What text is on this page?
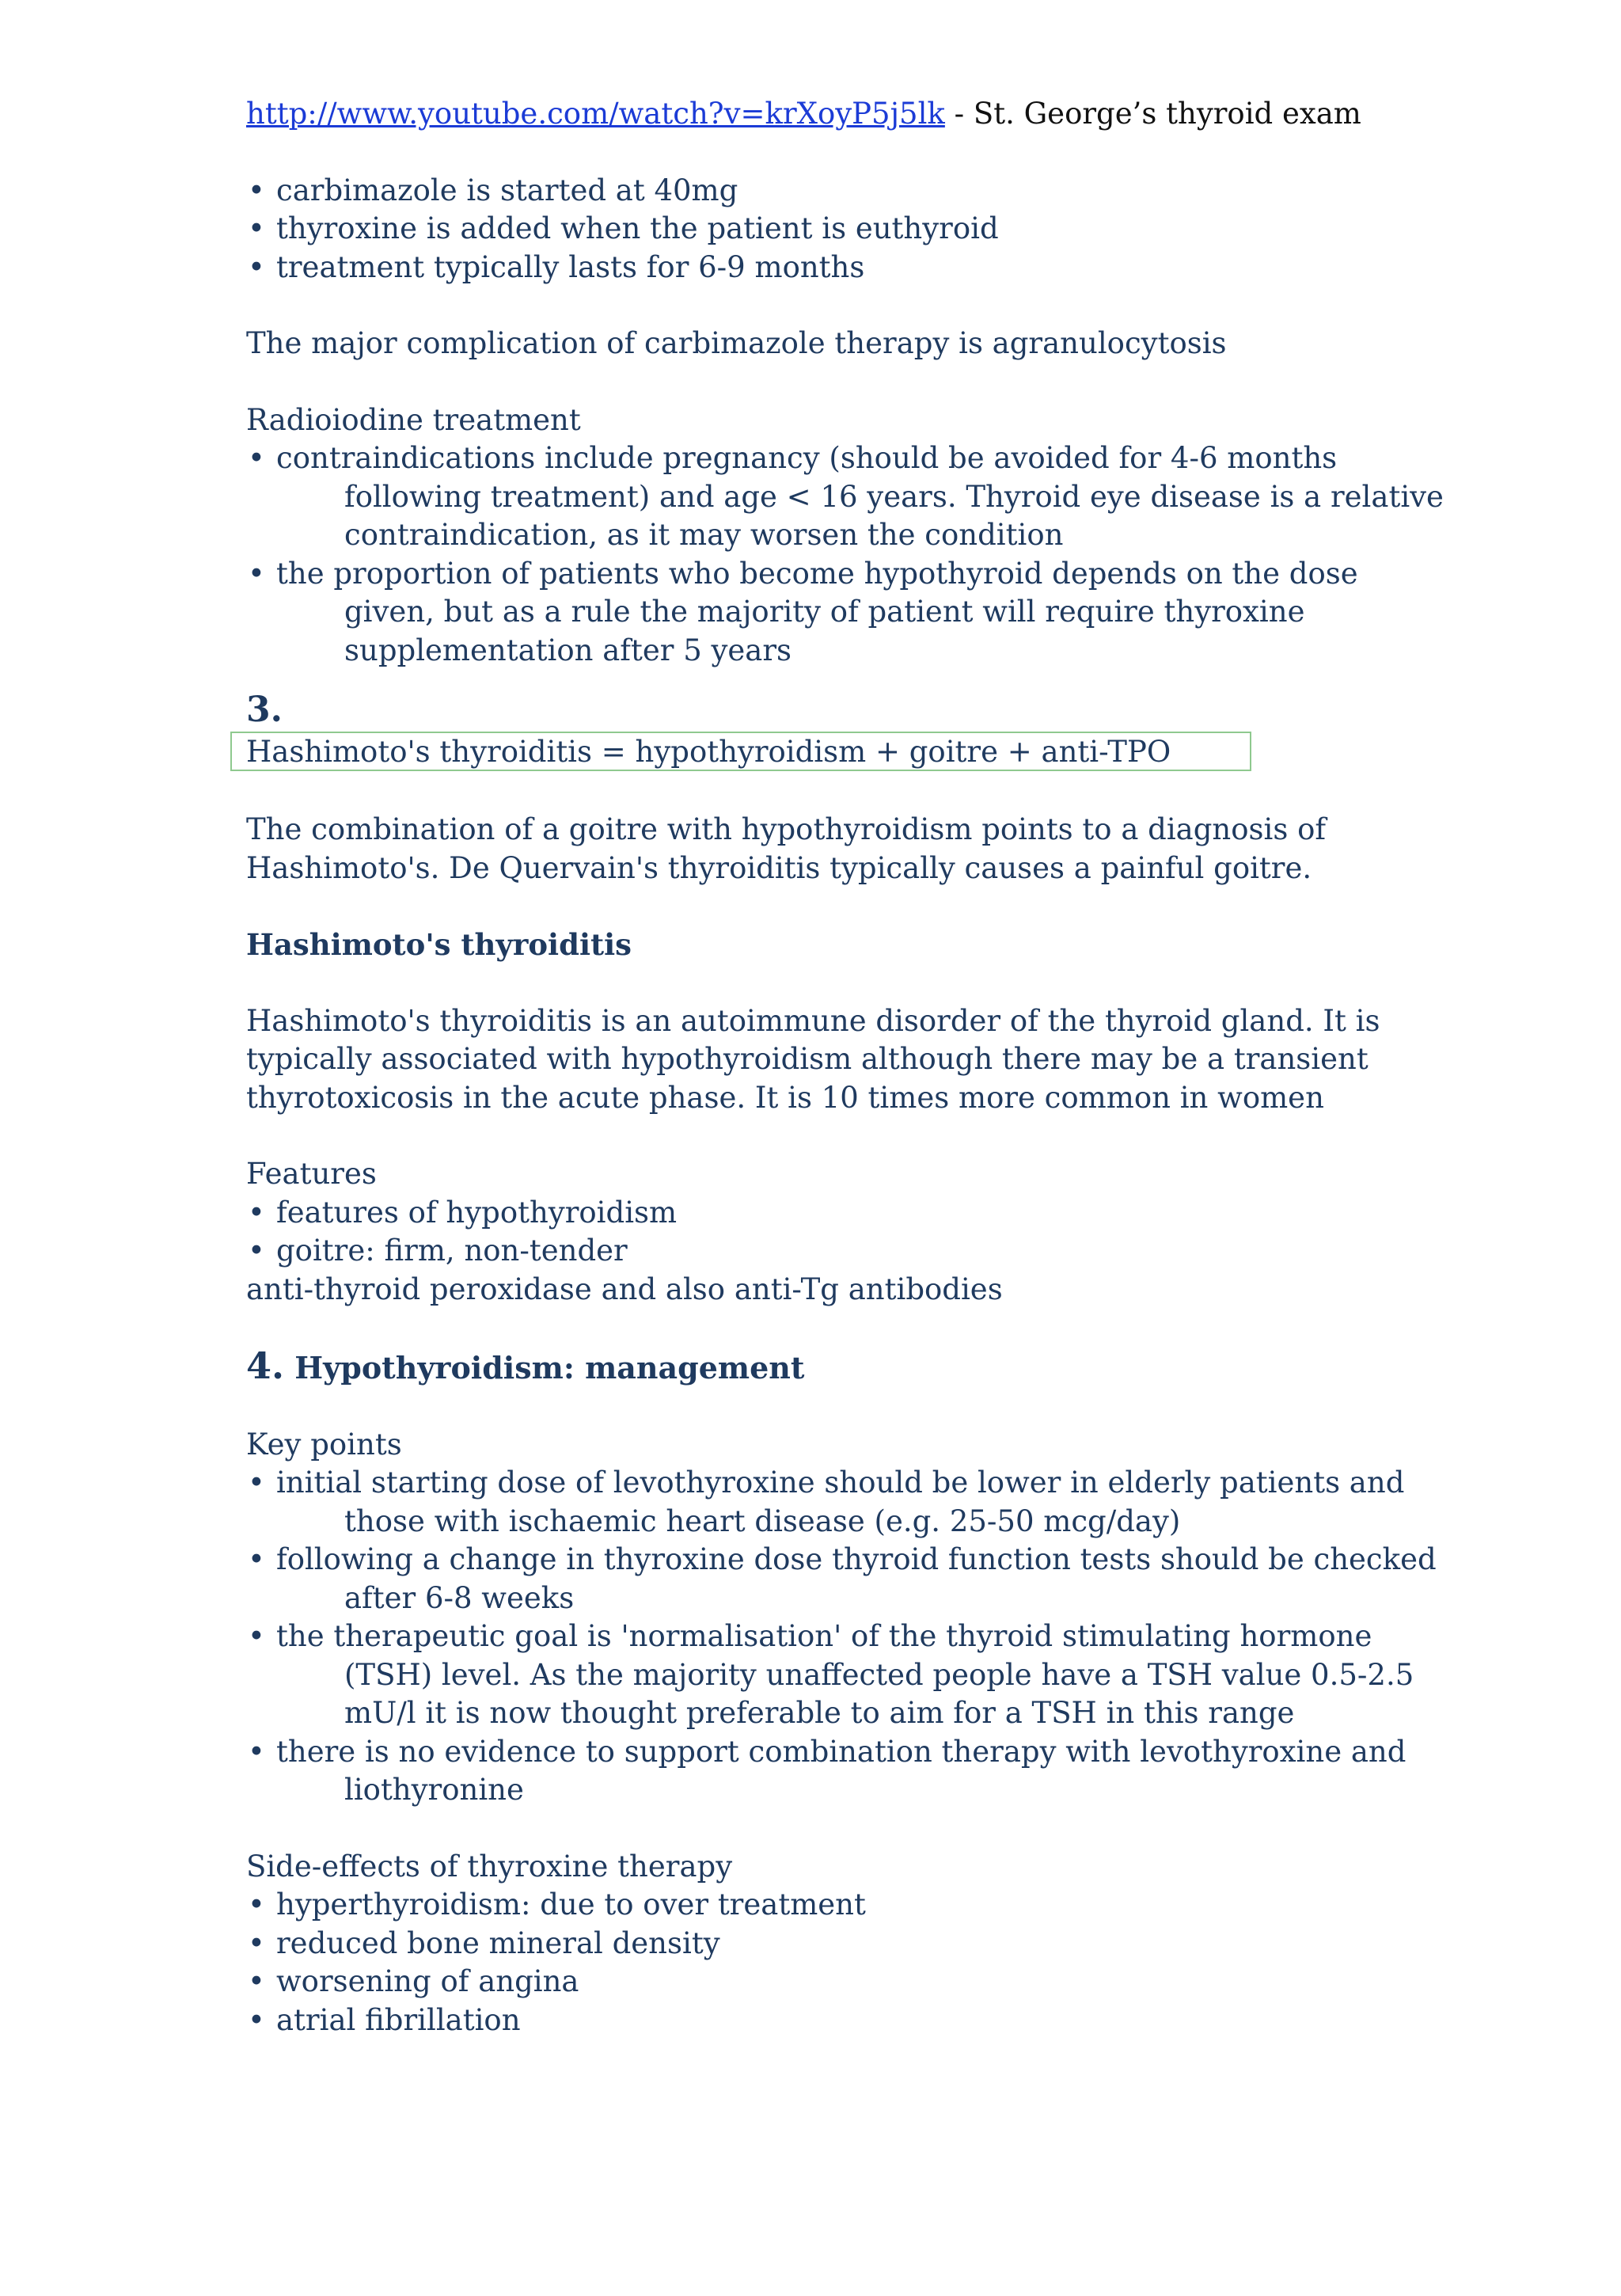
http://www.youtube.com/watch?v=krXoyP5j5lk - St. George’s thyroid exam
• carbimazole is started at 40mg
• thyroxine is added when the patient is euthyroid
• treatment typically lasts for 6-9 months
The major complication of carbimazole therapy is agranulocytosis
Radioiodine treatment
• contraindications include pregnancy (should be avoided for 4-6 months
following treatment) and age < 16 years. Thyroid eye disease is a relative
contraindication, as it may worsen the condition
• the proportion of patients who become hypothyroid depends on the dose
given, but as a rule the majority of patient will require thyroxine
supplementation after 5 years
3.
Hashimoto's thyroiditis = hypothyroidism + goitre + anti-TPO
The combination of a goitre with hypothyroidism points to a diagnosis of
Hashimoto's. De Quervain's thyroiditis typically causes a painful goitre.
Hashimoto's thyroiditis
Hashimoto's thyroiditis is an autoimmune disorder of the thyroid gland. It is
typically associated with hypothyroidism although there may be a transient
thyrotoxicosis in the acute phase. It is 10 times more common in women
Features
• features of hypothyroidism
• goitre: firm, non-tender
anti-thyroid peroxidase and also anti-Tg antibodies
4. Hypothyroidism: management
Key points
• initial starting dose of levothyroxine should be lower in elderly patients and
those with ischaemic heart disease (e.g. 25-50 mcg/day)
• following a change in thyroxine dose thyroid function tests should be checked
after 6-8 weeks
• the therapeutic goal is 'normalisation' of the thyroid stimulating hormone
(TSH) level. As the majority unaffected people have a TSH value 0.5-2.5
mU/l it is now thought preferable to aim for a TSH in this range
• there is no evidence to support combination therapy with levothyroxine and
liothyronine
Side-effects of thyroxine therapy
• hyperthyroidism: due to over treatment
• reduced bone mineral density
• worsening of angina
• atrial fibrillation
